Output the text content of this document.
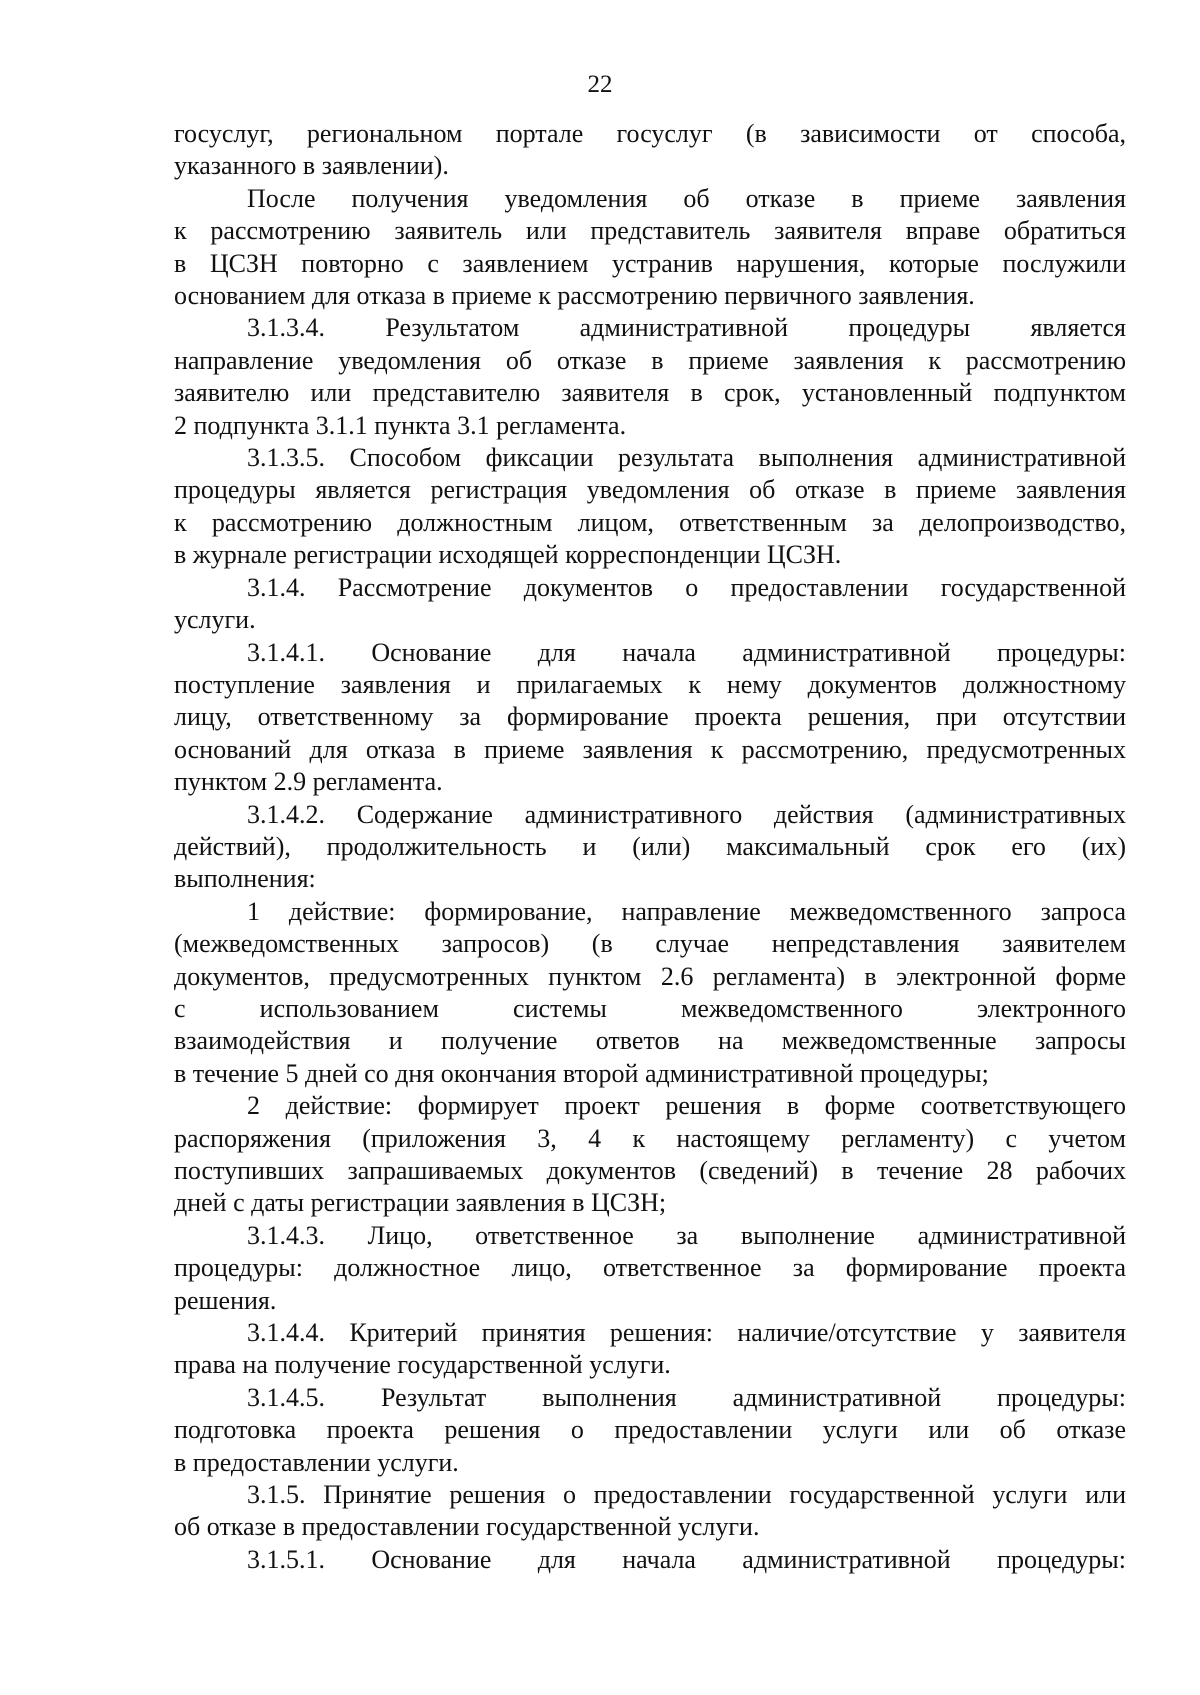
22
госуслуг, региональном портале госуслуг (в зависимости от способа,
указанного в заявлении).
После получения уведомления об отказе в приеме заявления
к рассмотрению заявитель или представитель заявителя вправе обратиться
в ЦСЗН повторно с заявлением устранив нарушения, которые послужили
основанием для отказа в приеме к рассмотрению первичного заявления.
3.1.3.4. Результатом административной процедуры является
направление уведомления об отказе в приеме заявления к рассмотрению
заявителю или представителю заявителя в срок, установленный подпунктом
2 подпункта 3.1.1 пункта 3.1 регламента.
3.1.3.5. Способом фиксации результата выполнения административной
процедуры является регистрация уведомления об отказе в приеме заявления
к рассмотрению должностным лицом, ответственным за делопроизводство,
в журнале регистрации исходящей корреспонденции ЦСЗН.
3.1.4. Рассмотрение документов о предоставлении государственной
услуги.
3.1.4.1. Основание для начала административной процедуры:
поступление заявления и прилагаемых к нему документов должностному
лицу, ответственному за формирование проекта решения, при отсутствии
оснований для отказа в приеме заявления к рассмотрению, предусмотренных
пунктом 2.9 регламента.
3.1.4.2. Содержание административного действия (административных
действий), продолжительность и (или) максимальный срок его (их)
выполнения:
1 действие: формирование, направление межведомственного запроса
(межведомственных запросов) (в случае непредставления заявителем
документов, предусмотренных пунктом 2.6 регламента) в электронной форме
с использованием системы межведомственного электронного
взаимодействия и получение ответов на межведомственные запросы
в течение 5 дней со дня окончания второй административной процедуры;
2 действие: формирует проект решения в форме соответствующего
распоряжения (приложения 3, 4 к настоящему регламенту) с учетом
поступивших запрашиваемых документов (сведений) в течение 28 рабочих
дней с даты регистрации заявления в ЦСЗН;
3.1.4.3. Лицо, ответственное за выполнение административной
процедуры: должностное лицо, ответственное за формирование проекта
решения.
3.1.4.4. Критерий принятия решения: наличие/отсутствие у заявителя
права на получение государственной услуги.
3.1.4.5. Результат выполнения административной процедуры:
подготовка проекта решения о предоставлении услуги или об отказе
в предоставлении услуги.
3.1.5. Принятие решения о предоставлении государственной услуги или
об отказе в предоставлении государственной услуги.
3.1.5.1. Основание для начала административной процедуры:
